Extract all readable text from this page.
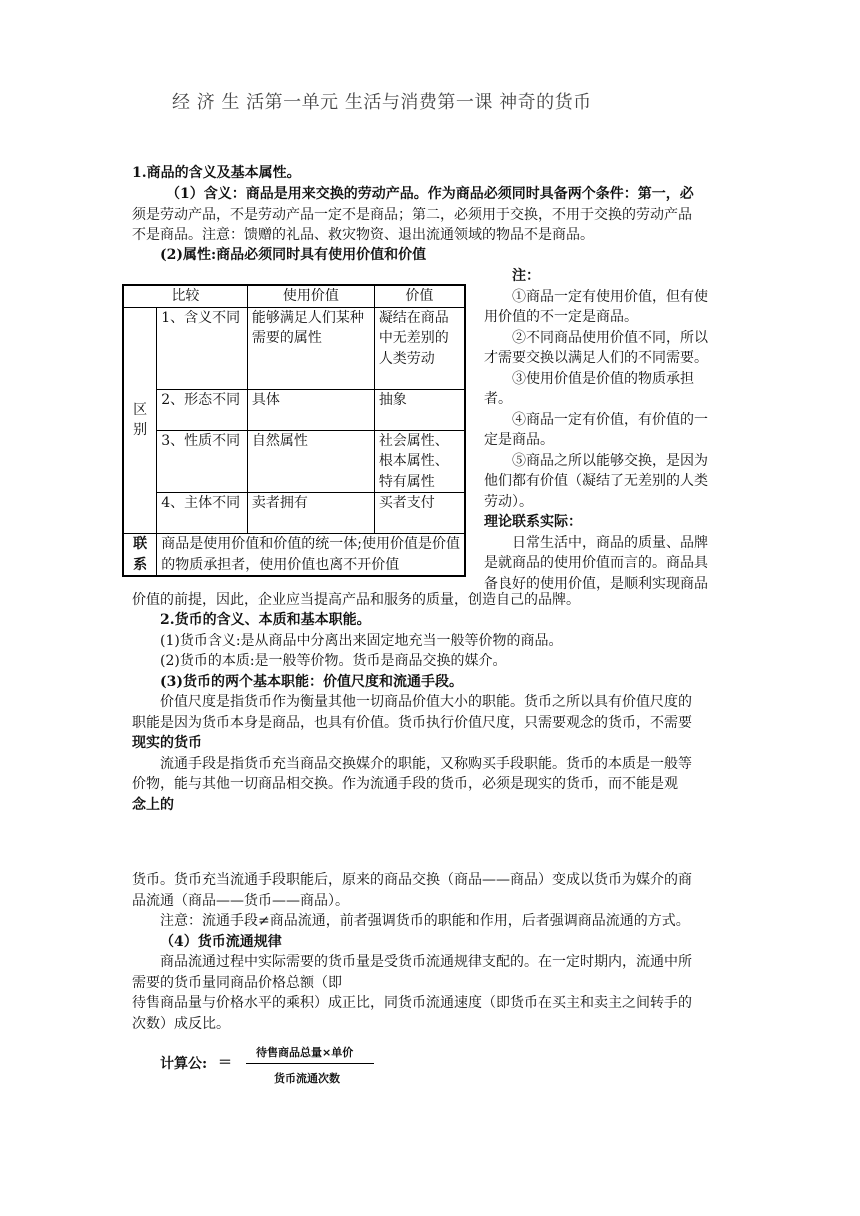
经 济 生 活第一单元 生活与消费第一课 神奇的货币
1.商品的含义及基本属性。
（1）含义：商品是用来交换的劳动产品。作为商品必须同时具备两个条件：第一，必
须是劳动产品，不是劳动产品一定不是商品；第二，必须用于交换，不用于交换的劳动产品
不是商品。注意：馈赠的礼品、救灾物资、退出流通领域的物品不是商品。
(2)属性:商品必须同时具有使用价值和价值
比较		使用价值	价值
区别	1、含义不同	能够满足人们某种需要的属性	凝结在商品中无差别的人类劳动
	2、形态不同	具体	抽象
	3、性质不同	自然属性	社会属性、根本属性、特有属性
	4、主体不同	卖者拥有	买者支付
联系	商品是使用价值和价值的统一体;使用价值是价值的物质承担者，使用价值也离不开价值		
注：
①商品一定有使用价值，但有使
用价值的不一定是商品。
②不同商品使用价值不同，所以
才需要交换以满足人们的不同需要。
③使用价值是价值的物质承担
者。
④商品一定有价值，有价值的一
定是商品。
⑤商品之所以能够交换，是因为
他们都有价值（凝结了无差别的人类
劳动）。
理论联系实际：
日常生活中，商品的质量、品牌
是就商品的使用价值而言的。商品具
备良好的使用价值，是顺利实现商品
价值的前提，因此，企业应当提高产品和服务的质量，创造自己的品牌。
2.货币的含义、本质和基本职能。
(1)货币含义:是从商品中分离出来固定地充当一般等价物的商品。
(2)货币的本质:是一般等价物。货币是商品交换的媒介。
(3)货币的两个基本职能：价值尺度和流通手段。
价值尺度是指货币作为衡量其他一切商品价值大小的职能。货币之所以具有价值尺度的
职能是因为货币本身是商品，也具有价值。货币执行价值尺度，只需要观念的货币，不需要
现实的货币
流通手段是指货币充当商品交换媒介的职能，又称购买手段职能。货币的本质是一般等
价物，能与其他一切商品相交换。作为流通手段的货币，必须是现实的货币，而不能是观
念上的
货币。货币充当流通手段职能后，原来的商品交换（商品——商品）变成以货币为媒介的商
品流通（商品——货币——商品）。
注意：流通手段≠商品流通，前者强调货币的职能和作用，后者强调商品流通的方式。
（4）货币流通规律
商品流通过程中实际需要的货币量是受货币流通规律支配的。在一定时期内，流通中所
需要的货币量同商品价格总额（即
待售商品量与价格水平的乘积）成正比，同货币流通速度（即货币在买主和卖主之间转手的
次数）成反比。
计算公: ＝
待售商品总量×单价
货币流通次数
